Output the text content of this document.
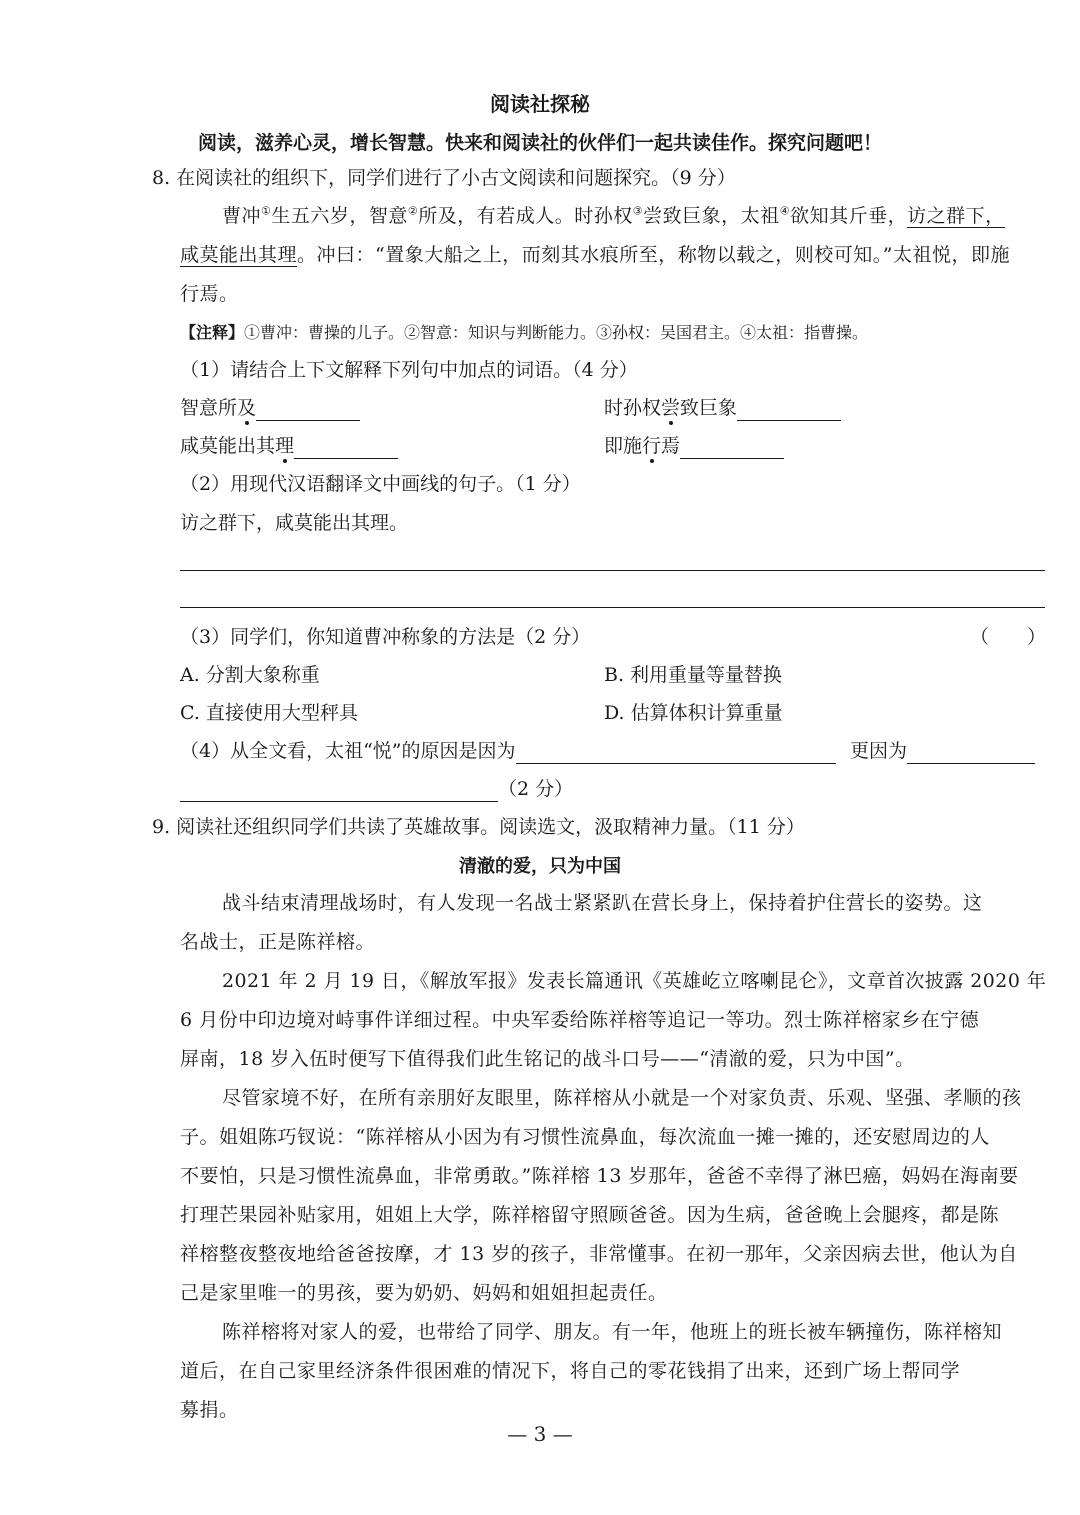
阅读社探秘
阅读，滋养心灵，增长智慧。快来和阅读社的伙伴们一起共读佳作。探究问题吧！
8. 在阅读社的组织下，同学们进行了小古文阅读和问题探究。（9 分）
曹冲①生五六岁，智意②所及，有若成人。时孙权③尝致巨象，太祖④欲知其斤垂，访之群下，
咸莫能出其理。冲曰：“置象大船之上，而刻其水痕所至，称物以载之，则校可知。”太祖悦，即施
行焉。
【注释】①曹冲：曹操的儿子。②智意：知识与判断能力。③孙权：吴国君主。④太祖：指曹操。
（1）请结合上下文解释下列句中加点的词语。（4 分）
智意所及	时孙权尝致巨象
咸莫能出其理	即施行焉
（2）用现代汉语翻译文中画线的句子。（1 分）
访之群下，咸莫能出其理。
（3）同学们，你知道曹冲称象的方法是（2 分）	（　　）
A. 分割大象称重	B. 利用重量等量替换
C. 直接使用大型秤具	D. 估算体积计算重量
（4）从全文看，太祖“悦”的原因是因为	更因为
（2 分）
9. 阅读社还组织同学们共读了英雄故事。阅读选文，汲取精神力量。（11 分）
清澈的爱，只为中国
战斗结束清理战场时，有人发现一名战士紧紧趴在营长身上，保持着护住营长的姿势。这
名战士，正是陈祥榕。
2021 年 2 月 19 日，《解放军报》发表长篇通讯《英雄屹立喀喇昆仑》，文章首次披露 2020 年
6 月份中印边境对峙事件详细过程。中央军委给陈祥榕等追记一等功。烈士陈祥榕家乡在宁德
屏南，18 岁入伍时便写下值得我们此生铭记的战斗口号——“清澈的爱，只为中国”。
尽管家境不好，在所有亲朋好友眼里，陈祥榕从小就是一个对家负责、乐观、坚强、孝顺的孩
子。姐姐陈巧钗说：“陈祥榕从小因为有习惯性流鼻血，每次流血一摊一摊的，还安慰周边的人
不要怕，只是习惯性流鼻血，非常勇敢。”陈祥榕 13 岁那年，爸爸不幸得了淋巴癌，妈妈在海南要
打理芒果园补贴家用，姐姐上大学，陈祥榕留守照顾爸爸。因为生病，爸爸晚上会腿疼，都是陈
祥榕整夜整夜地给爸爸按摩，才 13 岁的孩子，非常懂事。在初一那年，父亲因病去世，他认为自
己是家里唯一的男孩，要为奶奶、妈妈和姐姐担起责任。
陈祥榕将对家人的爱，也带给了同学、朋友。有一年，他班上的班长被车辆撞伤，陈祥榕知
道后，在自己家里经济条件很困难的情况下，将自己的零花钱捐了出来，还到广场上帮同学
募捐。
— 3 —
